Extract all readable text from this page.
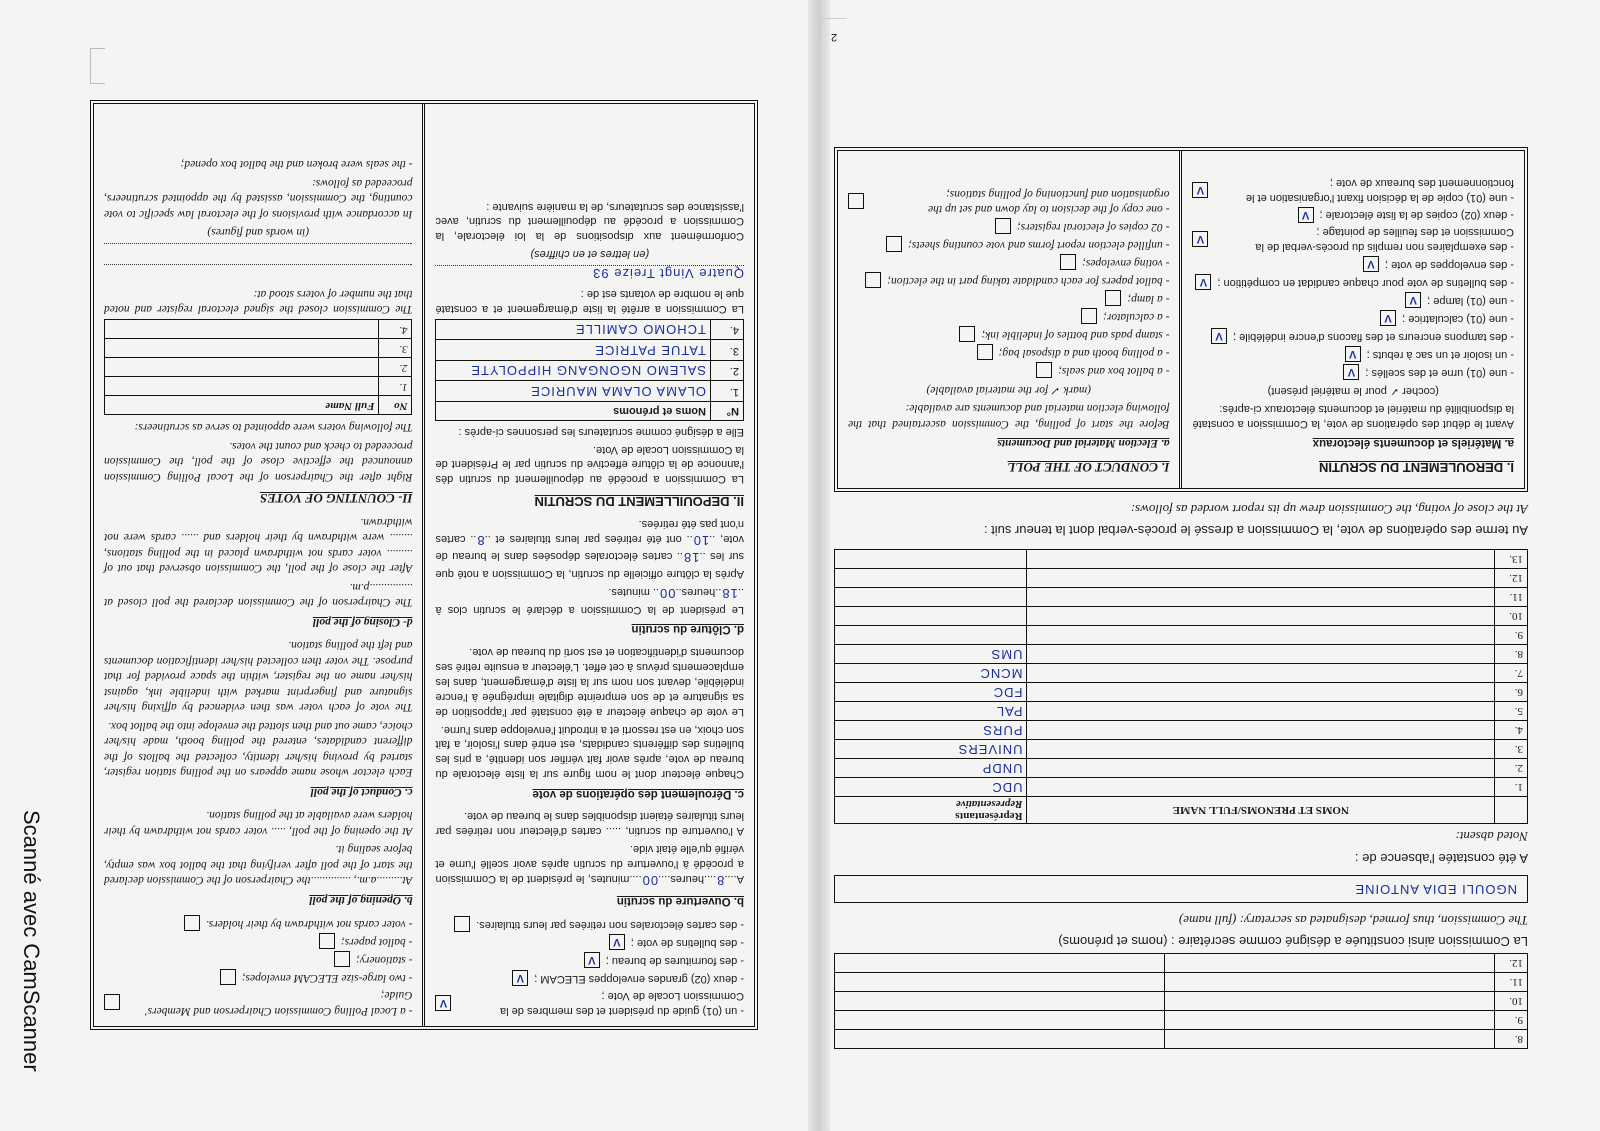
Scanné avec CamScanner
2
- un (01) guide du président et des membres de la Commission Locale de Vote ;
V
- deux (02) grandes enveloppes ELECAM ;
V
- des fournitures de bureau ;
V
- des bulletins de vote ;
V
- des cartes électorales non retirées par leurs titulaires.
b. Ouverture du scrutin

A....8....heures....00....minutes, le président de la Commission a procédé à l'ouverture du scrutin après avoir scellé l'urne et vérifié qu'elle était vide.

A l'ouverture du scrutin, ..... cartes d'électeur non retirées par leurs titulaires étaient disponibles dans le bureau de vote.

c. Déroulement des opérations de vote

Chaque électeur dont le nom figure sur la liste électorale du bureau de vote, après avoir fait vérifier son identité, a pris les bulletins des différents candidats, est entré dans l'isoloir, a fait son choix, en est ressorti et a introduit l'enveloppe dans l'urne.

Le vote de chaque électeur a été constaté par l'apposition de sa signature et de son empreinte digitale imprégnée à l'encre indélébile, devant son nom sur la liste d'émargement, dans les emplacements prévus à cet effet. L'électeur a ensuite retiré ses documents d'identification et est sorti du bureau de vote.

d. Clôture du scrutin

Le président de la Commission a déclaré le scrutin clos à ..18..heures..00.. minutes.

Après la clôture officielle du scrutin, la Commission a noté que sur les ..18.. cartes électorales déposées dans le bureau de vote, ..10.. ont été retirées par leurs titulaires et ..8.. cartes n'ont pas été retirées.

II. DEPOUILLEMENT DU SCRUTIN

La Commission a procédé au dépouillement du scrutin dès l'annonce de la clôture effective du scrutin par le Président de la Commission Locale de Vote.

Elle a désigné comme scrutateurs les personnes ci-après :

N°	Noms et prénoms
1.	OLAMA OLAMA MAURICE
2.	SALEMO NGONGANG HIPPOLYTE
3.	TATUE PATRICE
4.	TCHOMO CAMILLE

La Commission a arrêté la liste d'émargement et a constaté que le nombre de votants est de :

Quatre Vingt Treize 93

(en lettres et en chiffres)

Conformément aux dispositions de la loi électorale, la Commission a procédé au dépouillement du scrutin, avec l'assistance des scrutateurs, de la manière suivante :

- a Local Polling Commission Chairperson and Members' Guide;
- two large-size ELECAM envelopes;
- stationery;
- ballot papers;
- voter cards not withdrawn by their holders.
b. Opening of the poll

At.........a.m., ..............the Chairperson of the Commission declared the start of the poll after verifying that the ballot box was empty, before sealing it.

At the opening of the poll, ..... voter cards not withdrawn by their holders were available at the polling station.

c. Conduct of the poll

Each elector whose name appears on the polling station register, started by proving his/her identity, collected the ballots of the different candidates, entered the polling booth, made his/her choice, came out and then slotted the envelope into the ballot box.

The vote of each voter was then evidenced by affixing his/her signature and fingerprint marked with indelible ink, against his/her name on the register, within the space provided for that purpose. The voter then collected his/her identification documents and left the polling station.

d- Closing of the poll

The Chairperson of the Commission declared the poll closed at ...............p.m.

After the close of the poll, the Commission observed that out of ......... voter cards not withdrawn placed in the polling stations, ........ were withdrawn by their holders and ...... cards were not withdrawn.

II- COUNTING OF VOTES

Right after the Chairperson of the Local Polling Commission announced the effective close of the poll, the Commission proceeded to check and count the votes.

The following voters were appointed to serve as scrutineers:

No	Full Name
1.	
2.	
3.	
4.	

The Commission closed the signed electoral register and noted that the number of voters stood at:

(in words and figures)

In accordance with provisions of the electoral law specific to vote counting, the Commission, assisted by the appointed scrutineers, proceeded as follows:

- the seals were broken and the ballot box opened;

8.		
9.		
10.		
11.		
12.		

La Commission ainsi constituée a désigné comme secrétaire : (noms et prénoms)

The Commission, thus formed, designated as secretary: (full name)

NGOULI EDIA ANTOINE

A été constatée l'absence de :

Noted absent:

	NOMS ET PRENOMS/FULL NAME	Représentants
Representative

1.		UDC
2.		UNDP
3.		UNIVERS
4.		PURS
5.		PAL
6.		FDC
7.		MCNC
8.		UMS
9.		
10.		
11.		
12.		
13.		

Au terme des opérations de vote, la Commission a dressé le procès-verbal dont la teneur suit :

At the close of voting, the Commission drew up its report worded as follows:

I. DEROULEMENT DU SCRUTIN
a. Matériels et documents électoraux

Avant le début des opérations de vote, la Commission a constaté la disponibilité du matériel et documents électoraux ci-après:

(cocher ✓ pour le matériel présent)

- une (01) urne et des scellés ;
V
- un isoloir et un sac à rebuts ;
V
- des tampons encreurs et des flacons d'encre indélébile ;
V
- une (01) calculatrice ;
V
- une (01) lampe ;
V
- des bulletins de vote pour chaque candidat en compétition ;
V
- des enveloppes de vote ;
V
- des exemplaires non remplis du procès-verbal de la Commission et des feuilles de pointage ;
V
- deux (02) copies de la liste électorale ;
V
- une (01) copie de la décision fixant l'organisation et le fonctionnement des bureaux de vote ;
V
I. CONDUCT OF THE POLL
a. Election Material and Documents

Before the start of polling, the Commission ascertained that the following election material and documents are available:

(mark ✓ for the material available)

- a ballot box and seals;
- a polling booth and a disposal bag;
- stamp pads and bottles of indelible ink;
- a calculator;
- a lamp;
- ballot papers for each candidate taking part in the election;
- voting envelopes;
- unfilled election report forms and vote counting sheets;
- 02 copies of electoral registers;
- one copy of the decision to lay down and set up the organisation and functioning of polling stations;
